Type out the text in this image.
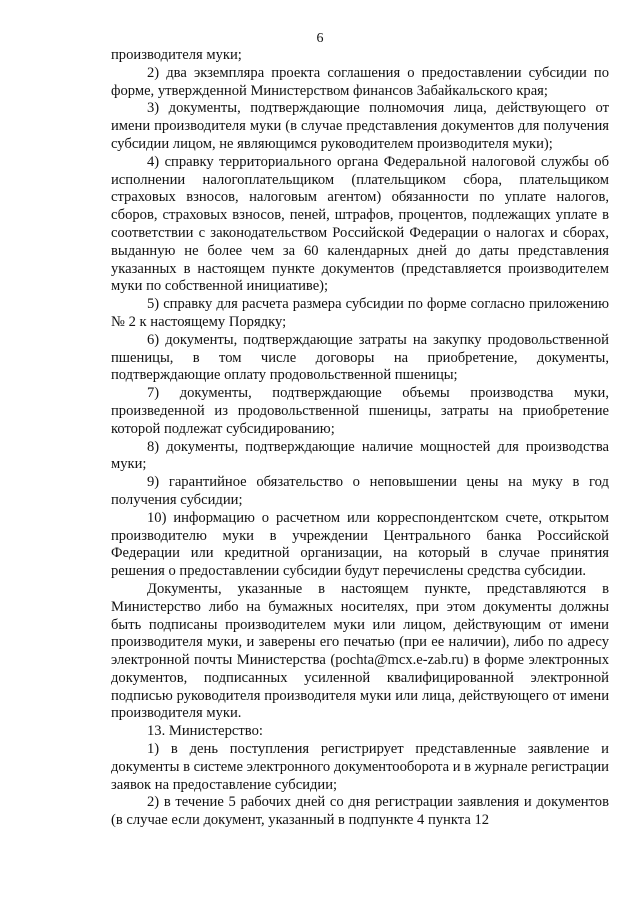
6

производителя муки;

2) два экземпляра проекта соглашения о предоставлении субсидии по форме, утвержденной Министерством финансов Забайкальского края;

3) документы, подтверждающие полномочия лица, действующего от имени производителя муки (в случае представления документов для получения субсидии лицом, не являющимся руководителем производителя муки);

4) справку территориального органа Федеральной налоговой службы об исполнении налогоплательщиком (плательщиком сбора, плательщиком страховых взносов, налоговым агентом) обязанности по уплате налогов, сборов, страховых взносов, пеней, штрафов, процентов, подлежащих уплате в соответствии с законодательством Российской Федерации о налогах и сборах, выданную не более чем за 60 календарных дней до даты представления указанных в настоящем пункте документов (представляется производителем муки по собственной инициативе);

5) справку для расчета размера субсидии по форме согласно приложению № 2 к настоящему Порядку;

6) документы, подтверждающие затраты на закупку продовольственной пшеницы, в том числе договоры на приобретение, документы, подтверждающие оплату продовольственной пшеницы;

7) документы, подтверждающие объемы производства муки, произведенной из продовольственной пшеницы, затраты на приобретение которой подлежат субсидированию;

8) документы, подтверждающие наличие мощностей для производства муки;

9) гарантийное обязательство о неповышении цены на муку в год получения субсидии;

10) информацию о расчетном или корреспондентском счете, открытом производителю муки в учреждении Центрального банка Российской Федерации или кредитной организации, на который в случае принятия решения о предоставлении субсидии будут перечислены средства субсидии.

Документы, указанные в настоящем пункте, представляются в Министерство либо на бумажных носителях, при этом документы должны быть подписаны производителем муки или лицом, действующим от имени производителя муки, и заверены его печатью (при ее наличии), либо по адресу электронной почты Министерства (pochta@mcx.e-zab.ru) в форме электронных документов, подписанных усиленной квалифицированной электронной подписью руководителя производителя муки или лица, действующего от имени производителя муки.

13. Министерство:

1) в день поступления регистрирует представленные заявление и документы в системе электронного документооборота и в журнале регистрации заявок на предоставление субсидии;

2) в течение 5 рабочих дней со дня регистрации заявления и документов (в случае если документ, указанный в подпункте 4 пункта 12
